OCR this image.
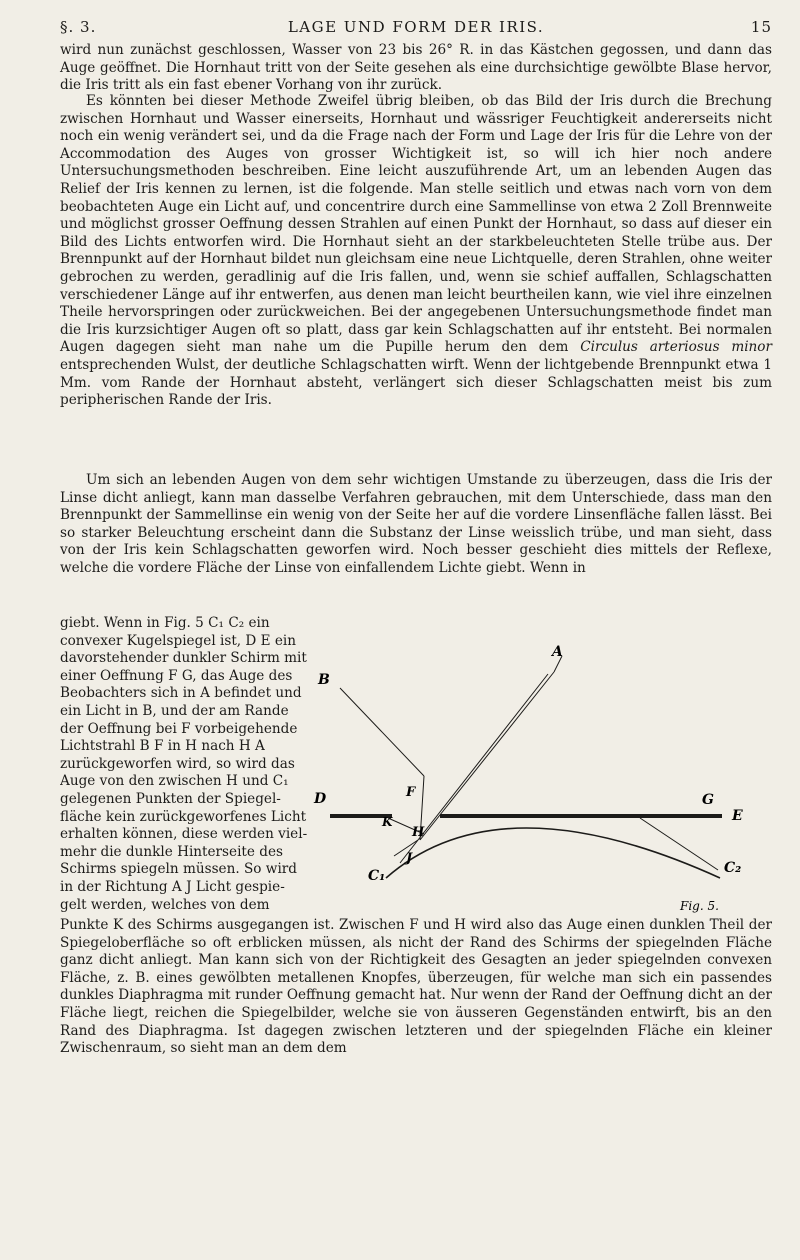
§. 3.	LAGE UND FORM DER IRIS.	15
wird nun zunächst geschlossen, Wasser von 23 bis 26° R. in das Kästchen gegossen, und dann das Auge geöffnet. Die Hornhaut tritt von der Seite gesehen als eine durchsichtige gewölbte Blase hervor, die Iris tritt als ein fast ebener Vorhang von ihr zurück.
Es könnten bei dieser Methode Zweifel übrig bleiben, ob das Bild der Iris durch die Brechung zwischen Hornhaut und Wasser einerseits, Hornhaut und wässriger Feuchtigkeit andererseits nicht noch ein wenig verändert sei, und da die Frage nach der Form und Lage der Iris für die Lehre von der Accommodation des Auges von grosser Wichtigkeit ist, so will ich hier noch andere Untersuchungsmethoden beschreiben. Eine leicht auszuführende Art, um an lebenden Augen das Relief der Iris kennen zu lernen, ist die folgende. Man stelle seitlich und etwas nach vorn von dem beobachteten Auge ein Licht auf, und concentrire durch eine Sammellinse von etwa 2 Zoll Brennweite und möglichst grosser Oeffnung dessen Strahlen auf einen Punkt der Hornhaut, so dass auf dieser ein Bild des Lichts entworfen wird. Die Hornhaut sieht an der starkbeleuchteten Stelle trübe aus. Der Brennpunkt auf der Hornhaut bildet nun gleichsam eine neue Lichtquelle, deren Strahlen, ohne weiter gebrochen zu werden, geradlinig auf die Iris fallen, und, wenn sie schief auffallen, Schlagschatten verschiedener Länge auf ihr entwerfen, aus denen man leicht beurtheilen kann, wie viel ihre einzelnen Theile hervorspringen oder zurückweichen. Bei der angegebenen Untersuchungsmethode findet man die Iris kurzsichtiger Augen oft so platt, dass gar kein Schlagschatten auf ihr entsteht. Bei normalen Augen dagegen sieht man nahe um die Pupille herum den dem Circulus arteriosus minor entsprechenden Wulst, der deutliche Schlagschatten wirft. Wenn der lichtgebende Brennpunkt etwa 1 Mm. vom Rande der Hornhaut absteht, verlängert sich dieser Schlagschatten meist bis zum peripherischen Rande der Iris.
Um sich an lebenden Augen von dem sehr wichtigen Umstande zu überzeugen, dass die Iris der Linse dicht anliegt, kann man dasselbe Verfahren gebrauchen, mit dem Unterschiede, dass man den Brennpunkt der Sammellinse ein wenig von der Seite her auf die vordere Linsenfläche fallen lässt. Bei so starker Beleuchtung erscheint dann die Substanz der Linse weisslich trübe, und man sieht, dass von der Iris kein Schlagschatten geworfen wird. Noch besser geschieht dies mittels der Reflexe, welche die vordere Fläche der Linse von einfallendem Lichte giebt. Wenn in
giebt. Wenn in Fig. 5 C₁ C₂ ein
convexer Kugelspiegel ist, D E ein
davorstehender dunkler Schirm mit
einer Oeffnung F G, das Auge des
Beobachters sich in A befindet und
ein Licht in B, und der am Rande
der Oeffnung bei F vorbeigehende
Lichtstrahl B F in H nach H A
zurückgeworfen wird, so wird das
Auge von den zwischen H und C₁
gelegenen Punkten der Spiegel-
fläche kein zurückgeworfenes Licht
erhalten können, diese werden viel-
mehr die dunkle Hinterseite des
Schirms spiegeln müssen. So wird
in der Richtung A J Licht gespie-
gelt werden, welches von dem
A
B
D
E
F	G
H
J
K
C₁	C₂
Fig. 5.
Punkte K des Schirms ausgegangen ist. Zwischen F und H wird also das Auge einen dunklen Theil der Spiegeloberfläche so oft erblicken müssen, als nicht der Rand des Schirms der spiegelnden Fläche ganz dicht anliegt. Man kann sich von der Richtigkeit des Gesagten an jeder spiegelnden convexen Fläche, z. B. eines gewölbten metallenen Knopfes, überzeugen, für welche man sich ein passendes dunkles Diaphragma mit runder Oeffnung gemacht hat. Nur wenn der Rand der Oeffnung dicht an der Fläche liegt, reichen die Spiegelbilder, welche sie von äusseren Gegenständen entwirft, bis an den Rand des Diaphragma. Ist dagegen zwischen letzteren und der spiegelnden Fläche ein kleiner Zwischenraum, so sieht man an dem dem
